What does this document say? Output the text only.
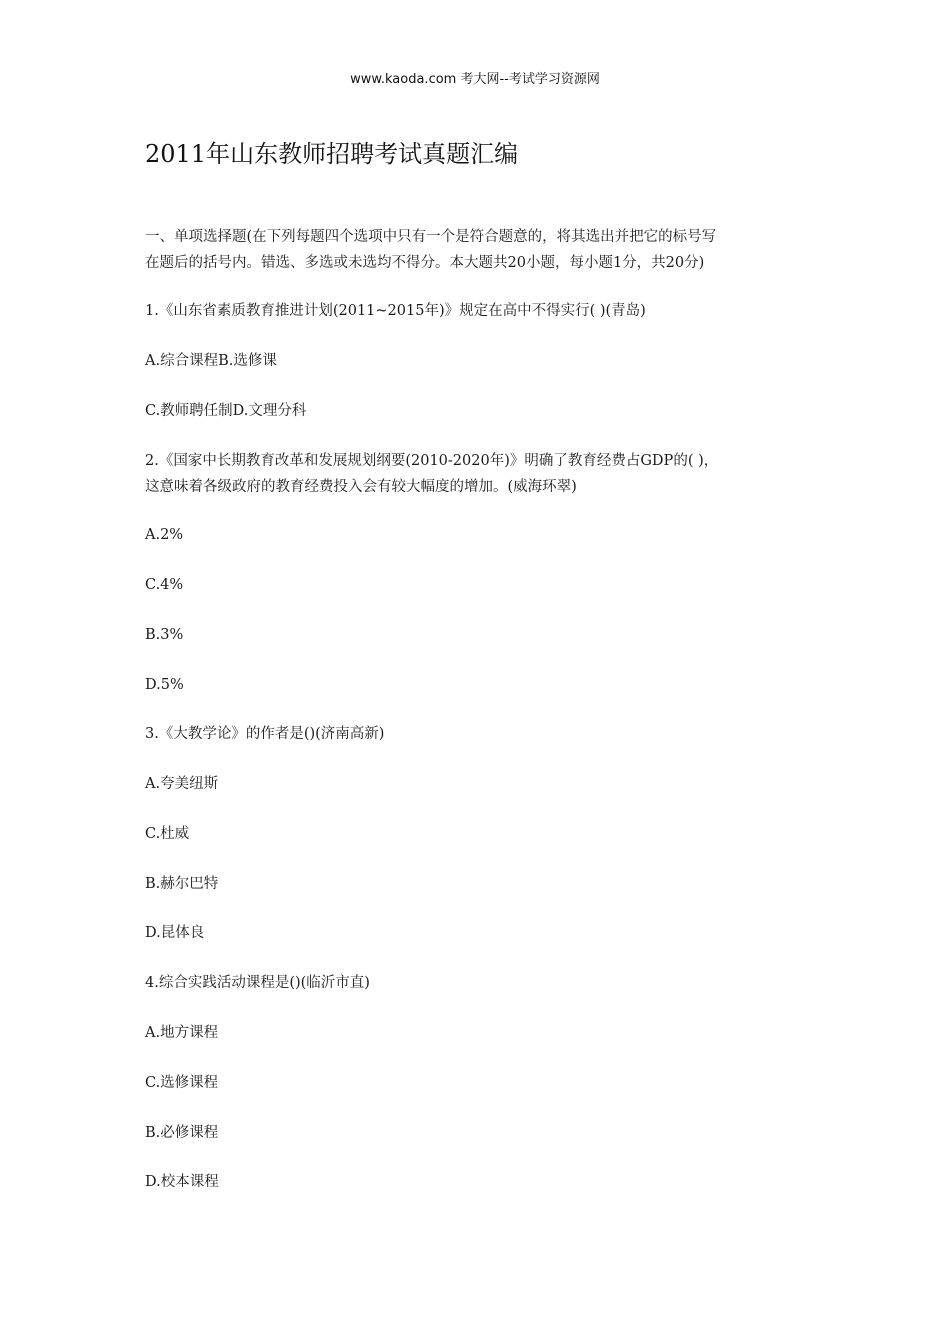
www.kaoda.com 考大网--考试学习资源网
2011年山东教师招聘考试真题汇编
一、单项选择题(在下列每题四个选项中只有一个是符合题意的，将其选出并把它的标号写
在题后的括号内。错选、多选或未选均不得分。本大题共20小题，每小题1分，共20分)
1.《山东省素质教育推进计划(2011~2015年)》规定在高中不得实行( )(青岛)
A.综合课程B.选修课
C.教师聘任制D.文理分科
2.《国家中长期教育改革和发展规划纲要(2010-2020年)》明确了教育经费占GDP的( )，
这意味着各级政府的教育经费投入会有较大幅度的增加。(威海环翠)
A.2%
C.4%
B.3%
D.5%
3.《大教学论》的作者是()(济南高新)
A.夸美纽斯
C.杜威
B.赫尔巴特
D.昆体良
4.综合实践活动课程是()(临沂市直)
A.地方课程
C.选修课程
B.必修课程
D.校本课程
